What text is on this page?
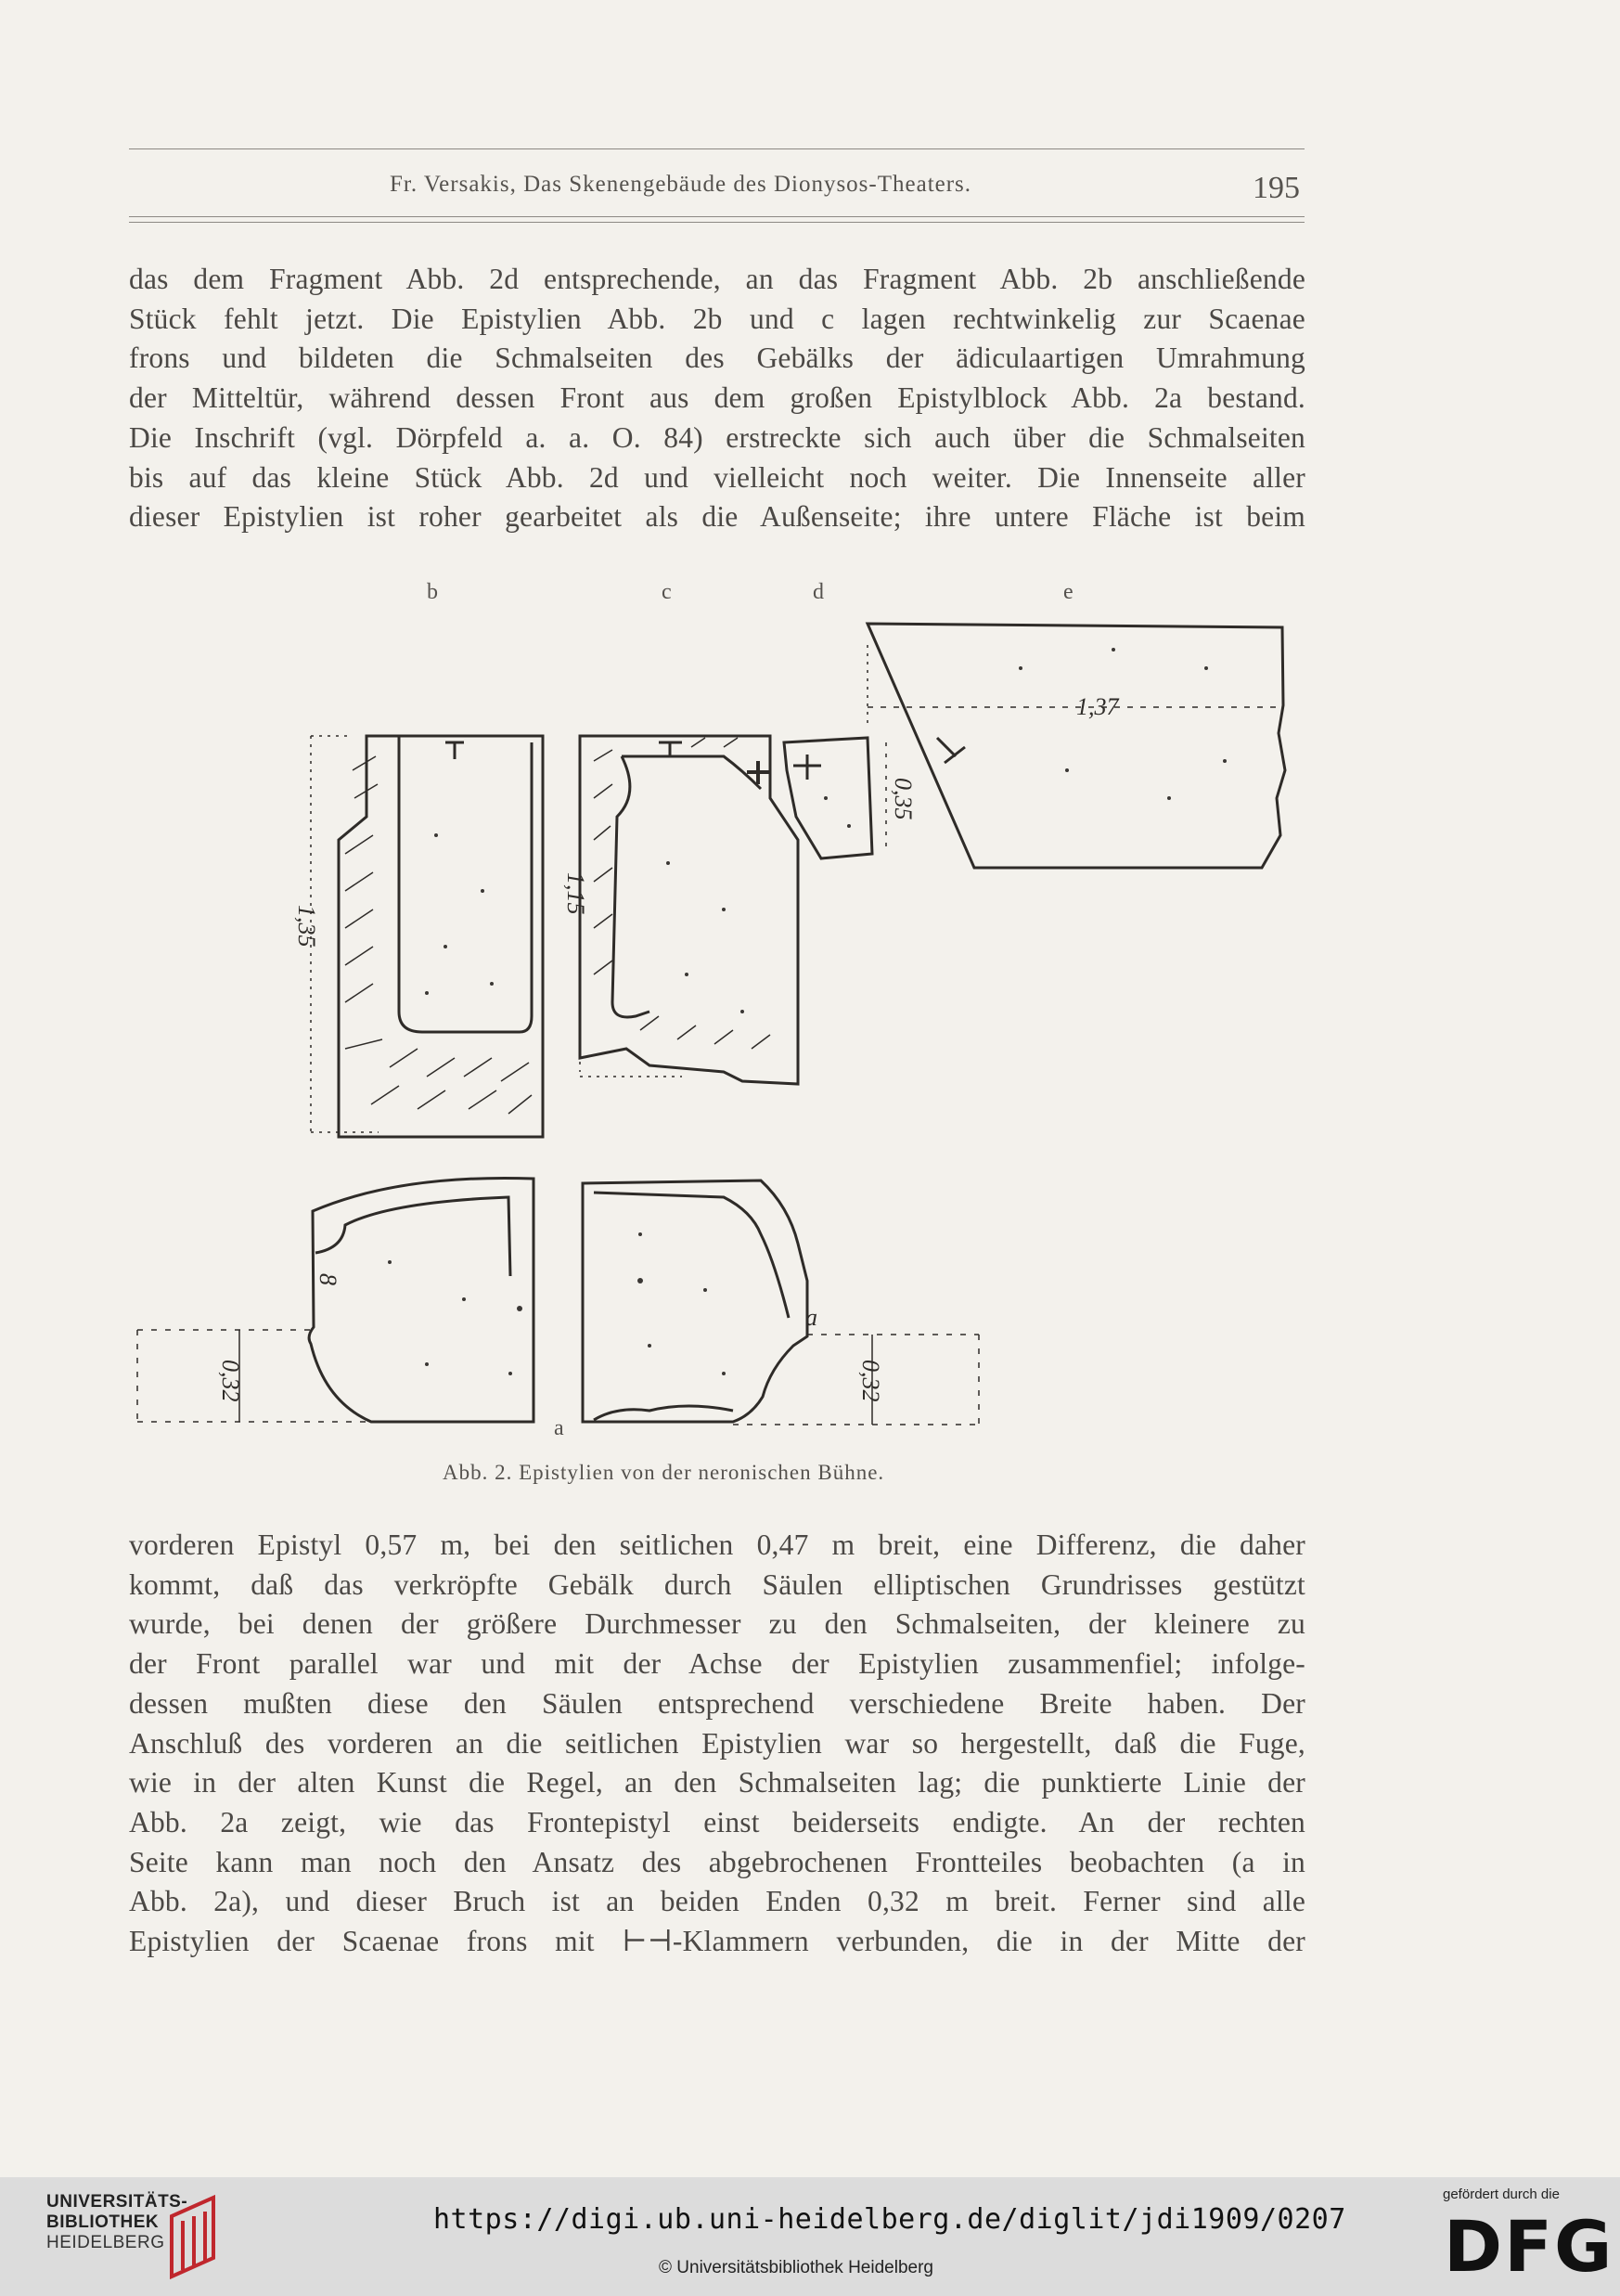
Fr. Versakis, Das Skenengebäude des Dionysos-Theaters.	195
das dem Fragment Abb. 2d entsprechende, an das Fragment Abb. 2b anschließende
Stück fehlt jetzt. Die Epistylien Abb. 2b und c lagen rechtwinkelig zur Scaenae
frons und bildeten die Schmalseiten des Gebälks der ädiculaartigen Umrahmung
der Mitteltür, während dessen Front aus dem großen Epistylblock Abb. 2a bestand.
Die Inschrift (vgl. Dörpfeld a. a. O. 84) erstreckte sich auch über die Schmalseiten
bis auf das kleine Stück Abb. 2d und vielleicht noch weiter. Die Innenseite aller
dieser Epistylien ist roher gearbeitet als die Außenseite; ihre untere Fläche ist beim
b	c	d	e
a
1,35
1,15
0,35
1,37
0,32	0,32
8
a
Abb. 2. Epistylien von der neronischen Bühne.
vorderen Epistyl 0,57 m, bei den seitlichen 0,47 m breit, eine Differenz, die daher
kommt, daß das verkröpfte Gebälk durch Säulen elliptischen Grundrisses gestützt
wurde, bei denen der größere Durchmesser zu den Schmalseiten, der kleinere zu
der Front parallel war und mit der Achse der Epistylien zusammenfiel; infolge-
dessen mußten diese den Säulen entsprechend verschiedene Breite haben. Der
Anschluß des vorderen an die seitlichen Epistylien war so hergestellt, daß die Fuge,
wie in der alten Kunst die Regel, an den Schmalseiten lag; die punktierte Linie der
Abb. 2a zeigt, wie das Frontepistyl einst beiderseits endigte. An der rechten
Seite kann man noch den Ansatz des abgebrochenen Frontteiles beobachten (a in
Abb. 2a), und dieser Bruch ist an beiden Enden 0,32 m breit. Ferner sind alle
Epistylien der Scaenae frons mit ⊢⊣-Klammern verbunden, die in der Mitte der
UNIVERSITÄTS-
BIBLIOTHEK
HEIDELBERG
https://digi.ub.uni-heidelberg.de/diglit/jdi1909/0207
© Universitätsbibliothek Heidelberg
gefördert durch die
DFG
